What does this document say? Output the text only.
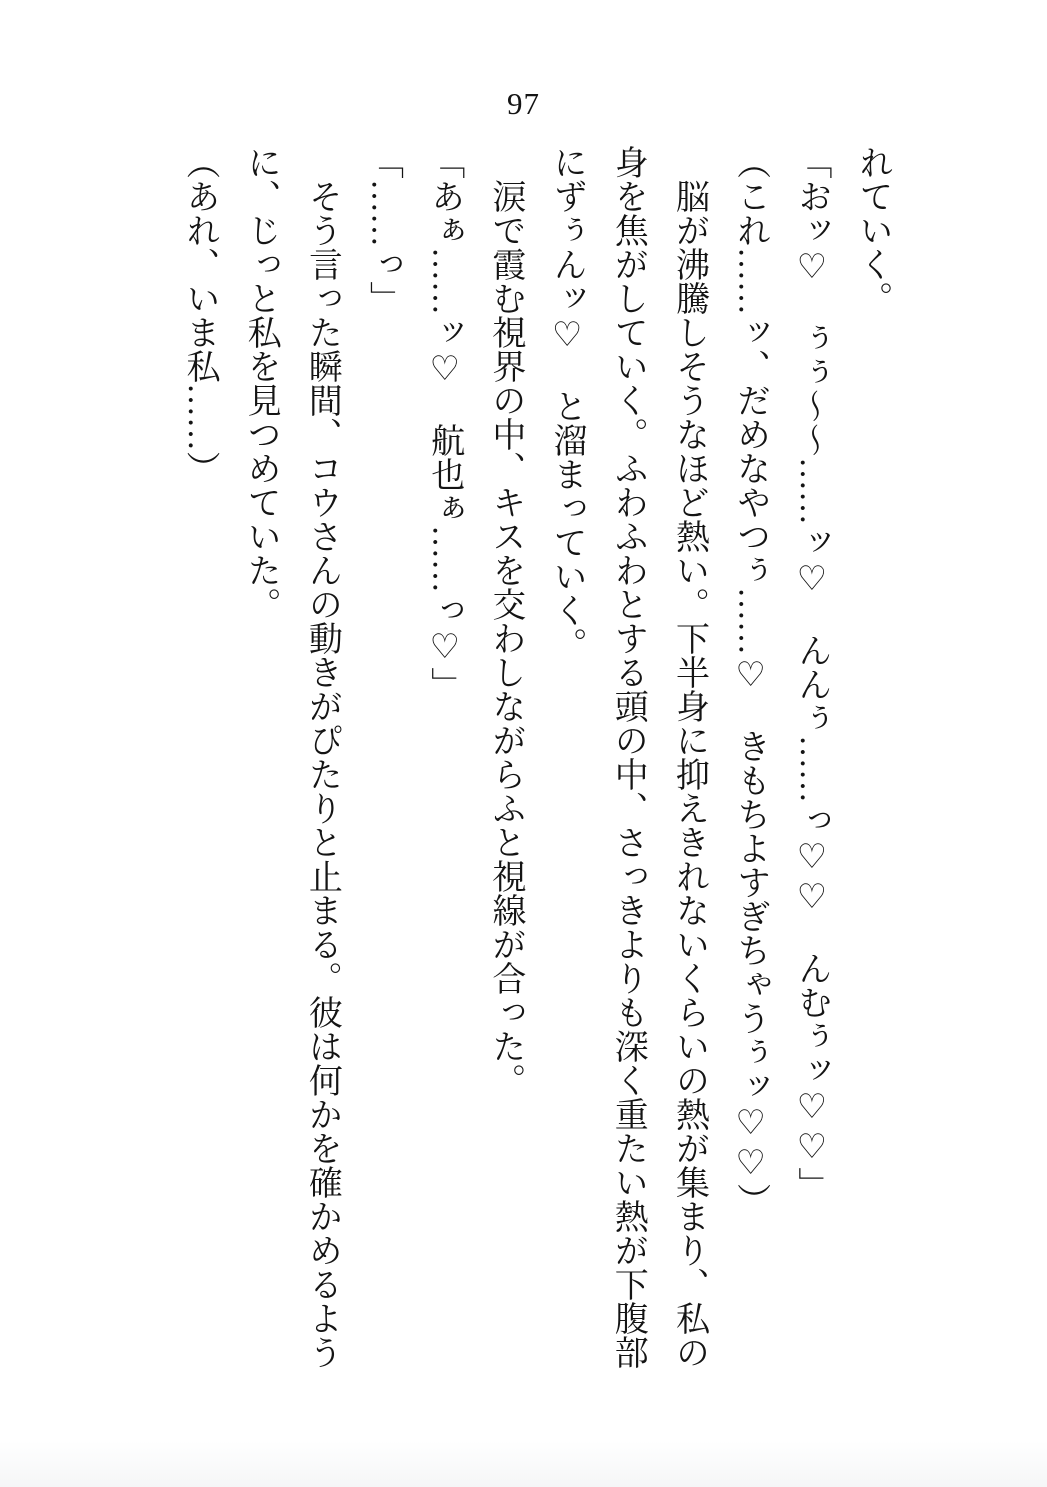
97

れていく。

「おッ♡　ぅぅ～～……ッ♡　んんぅ……っ♡♡　んむぅッ♡♡」

（これ……ッ、だめなやつぅ……♡　きもちよすぎちゃうぅッ♡♡）

脳が沸騰しそうなほど熱い。下半身に抑えきれないくらいの熱が集まり、私の身を焦がしていく。ふわふわとする頭の中、さっきよりも深く重たい熱が下腹部にずぅんッ♡　と溜まっていく。

涙で霞む視界の中、キスを交わしながらふと視線が合った。

「あぁ……ッ♡　航也ぁ……っ♡」

「……っ」

そう言った瞬間、コウさんの動きがぴたりと止まる。彼は何かを確かめるように、じっと私を見つめていた。

（あれ、いま私……）
